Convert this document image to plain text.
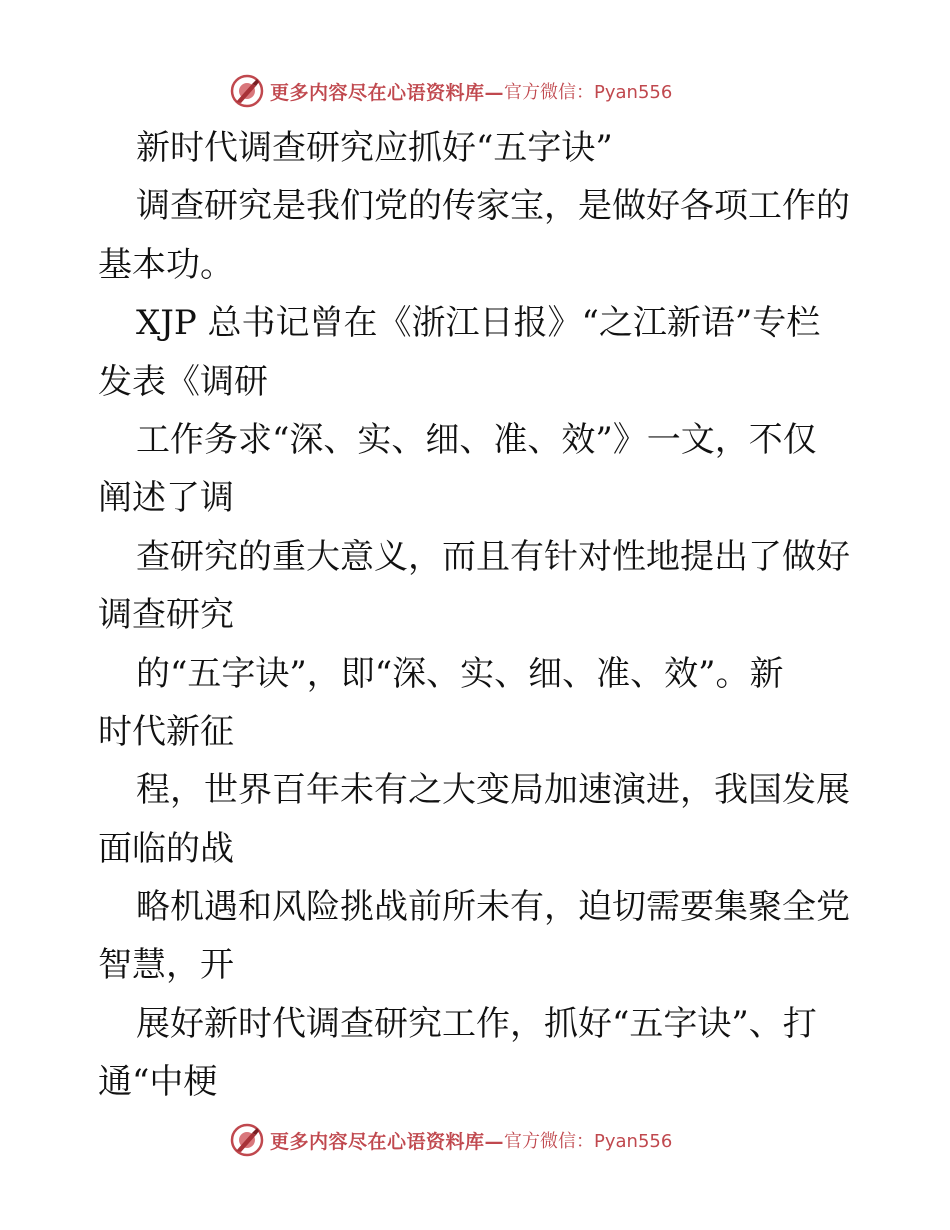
更多内容尽在心语资料库— 官方微信：Pyan556
新时代调查研究应抓好“五字诀”
调查研究是我们党的传家宝，是做好各项工作的
基本功。
XJP 总书记曾在《浙江日报》“之江新语”专栏
发表《调研
工作务求“深、实、细、准、效”》一文，不仅
阐述了调
查研究的重大意义，而且有针对性地提出了做好
调查研究
的“五字诀”，即“深、实、细、准、效”。新
时代新征
程，世界百年未有之大变局加速演进，我国发展
面临的战
略机遇和风险挑战前所未有，迫切需要集聚全党
智慧，开
展好新时代调查研究工作，抓好“五字诀”、打
通“中梗
更多内容尽在心语资料库— 官方微信：Pyan556
